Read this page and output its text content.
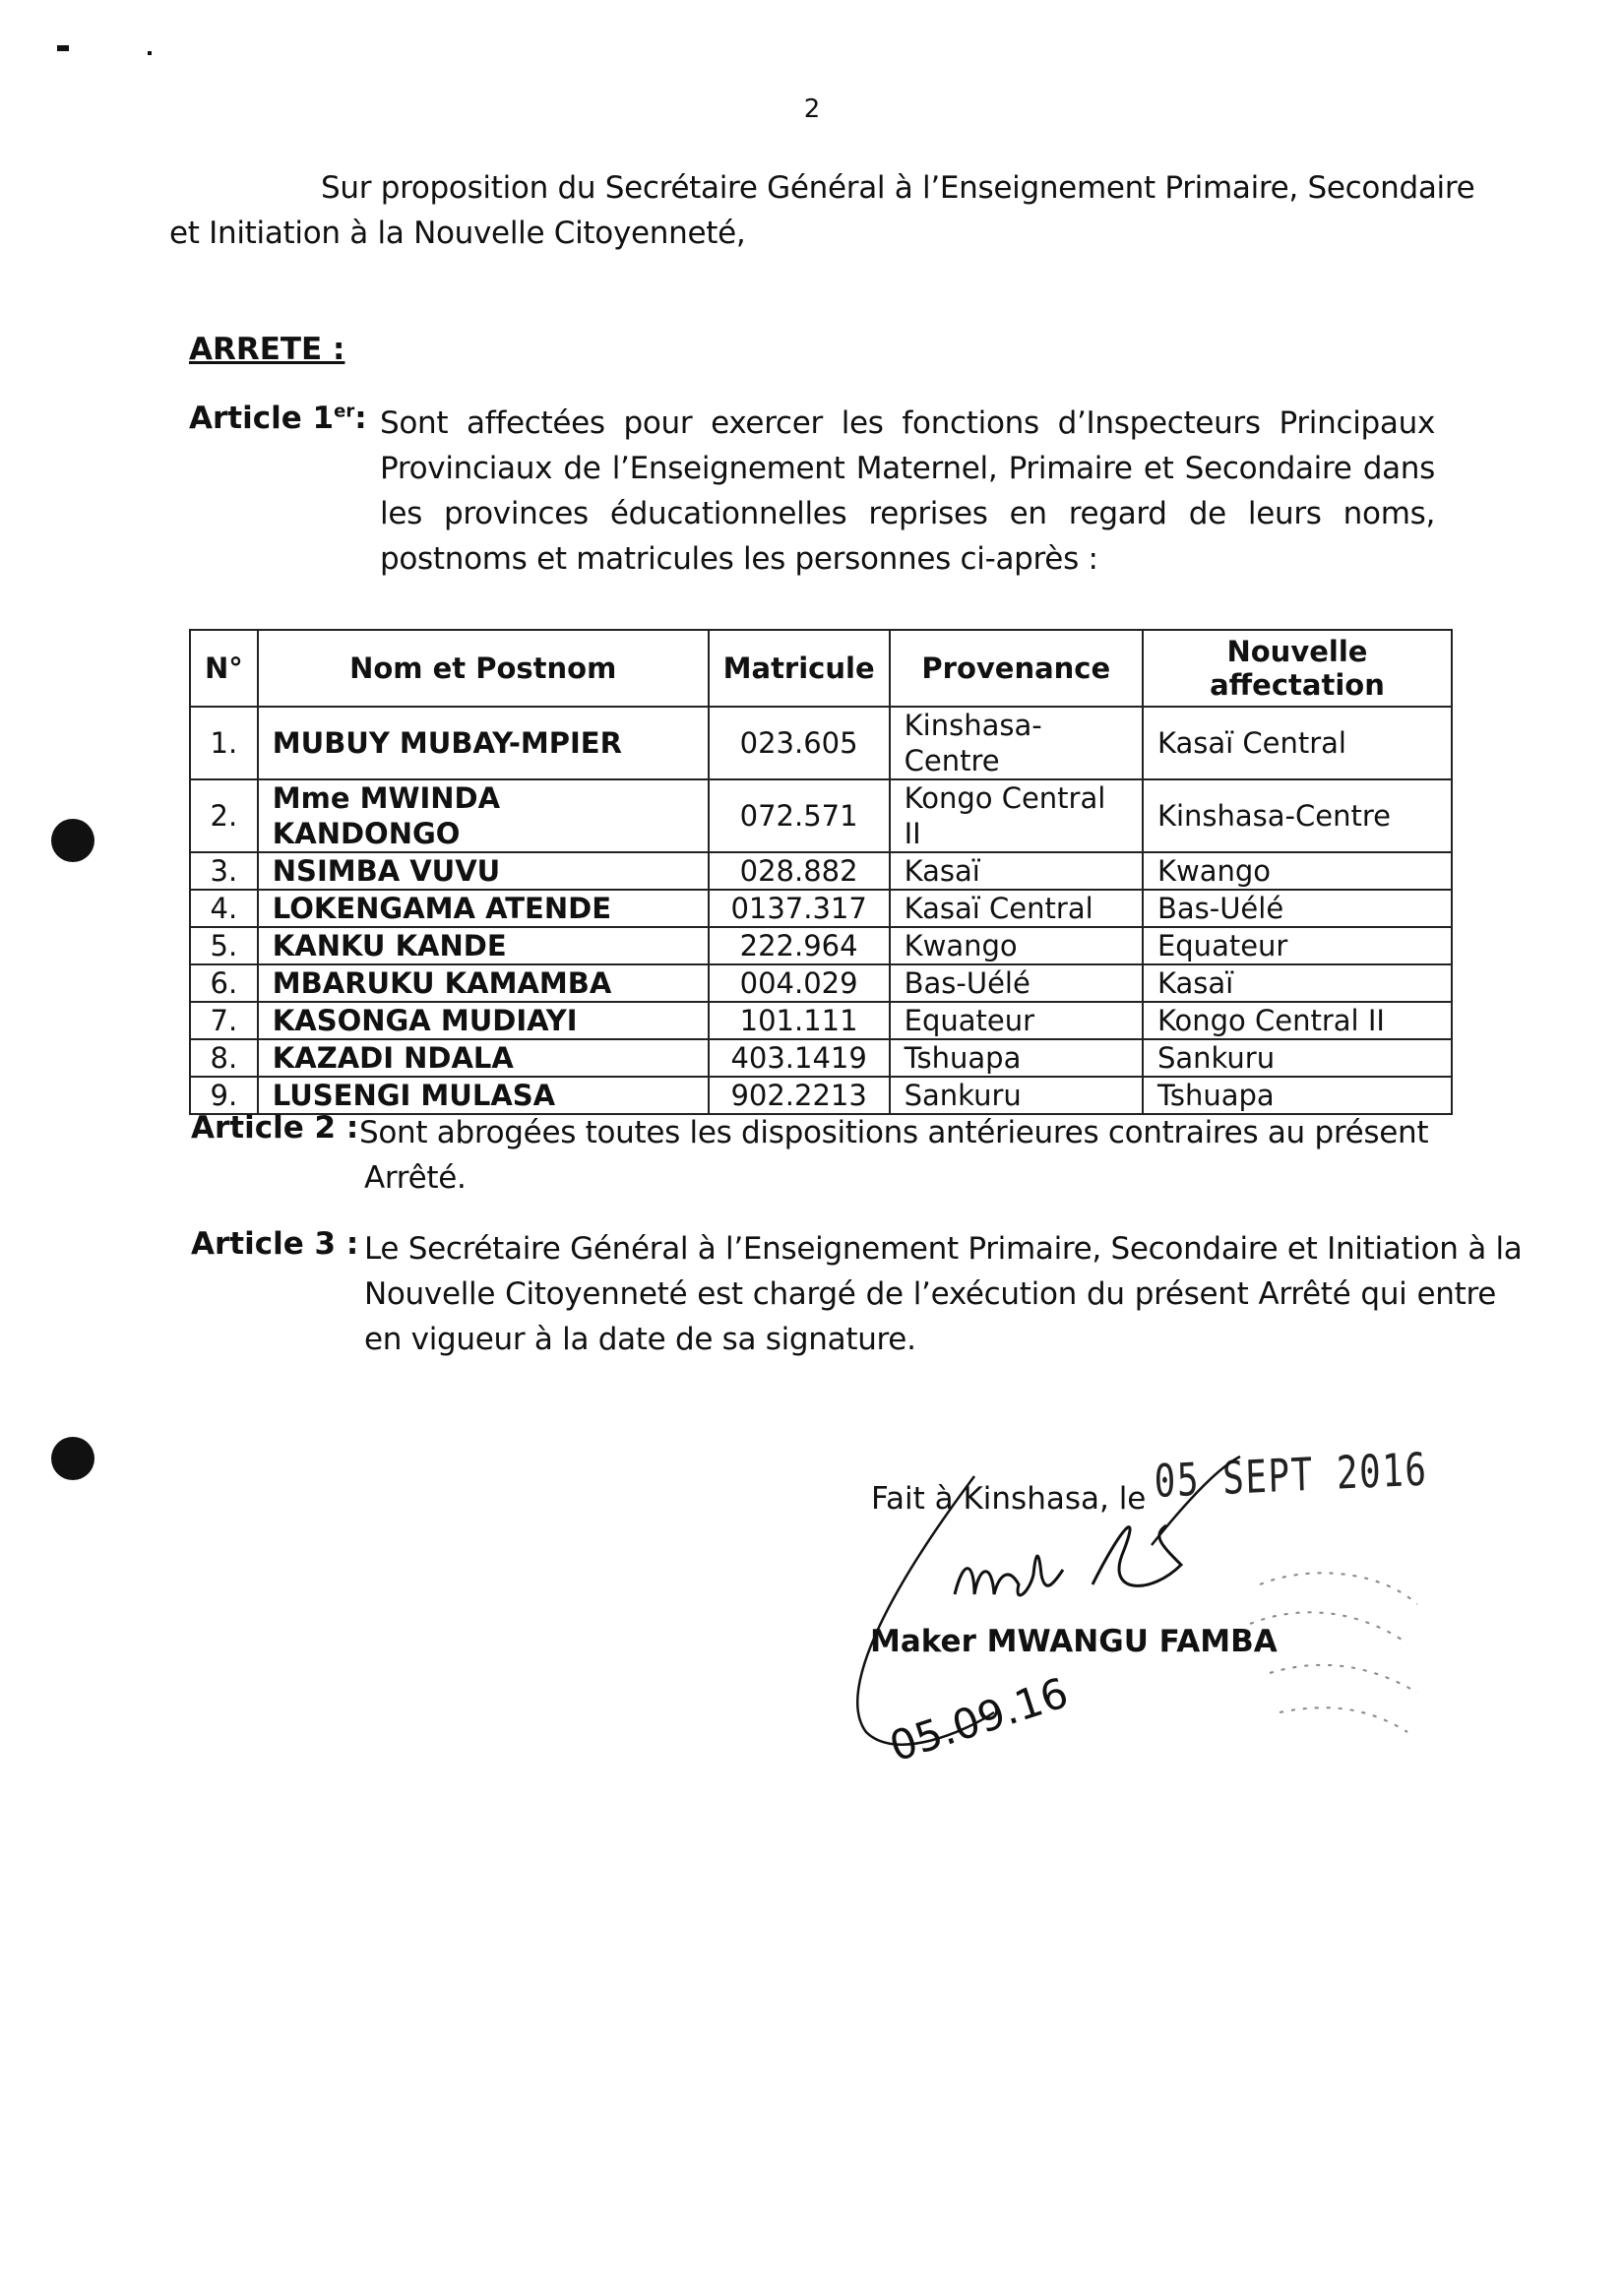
2
Sur proposition du Secrétaire Général à l’Enseignement Primaire, Secondaire
et Initiation à la Nouvelle Citoyenneté,
ARRETE :
Article 1er: Sont affectées pour exercer les fonctions d’Inspecteurs Principaux Provinciaux de l’Enseignement Maternel, Primaire et Secondaire dans les provinces éducationnelles reprises en regard de leurs noms, postnoms et matricules les personnes ci-après :
N°	Nom et Postnom	Matricule	Provenance	Nouvelle affectation
1.	MUBUY MUBAY-MPIER	023.605	Kinshasa-Centre	Kasaï Central
2.	Mme MWINDA KANDONGO	072.571	Kongo Central II	Kinshasa-Centre
3.	NSIMBA VUVU	028.882	Kasaï	Kwango
4.	LOKENGAMA ATENDE	0137.317	Kasaï Central	Bas-Uélé
5.	KANKU KANDE	222.964	Kwango	Equateur
6.	MBARUKU KAMAMBA	004.029	Bas-Uélé	Kasaï
7.	KASONGA MUDIAYI	101.111	Equateur	Kongo Central II
8.	KAZADI NDALA	403.1419	Tshuapa	Sankuru
9.	LUSENGI MULASA	902.2213	Sankuru	Tshuapa
Article 2 : Sont abrogées toutes les dispositions antérieures contraires au présent
Arrêté.
Article 3 : Le Secrétaire Général à l’Enseignement Primaire, Secondaire et Initiation à la
Nouvelle Citoyenneté est chargé de l’exécution du présent Arrêté qui entre en vigueur à la date de sa signature.
Fait à Kinshasa, le 05 SEPT 2016
Maker MWANGU FAMBA
05.09.16
